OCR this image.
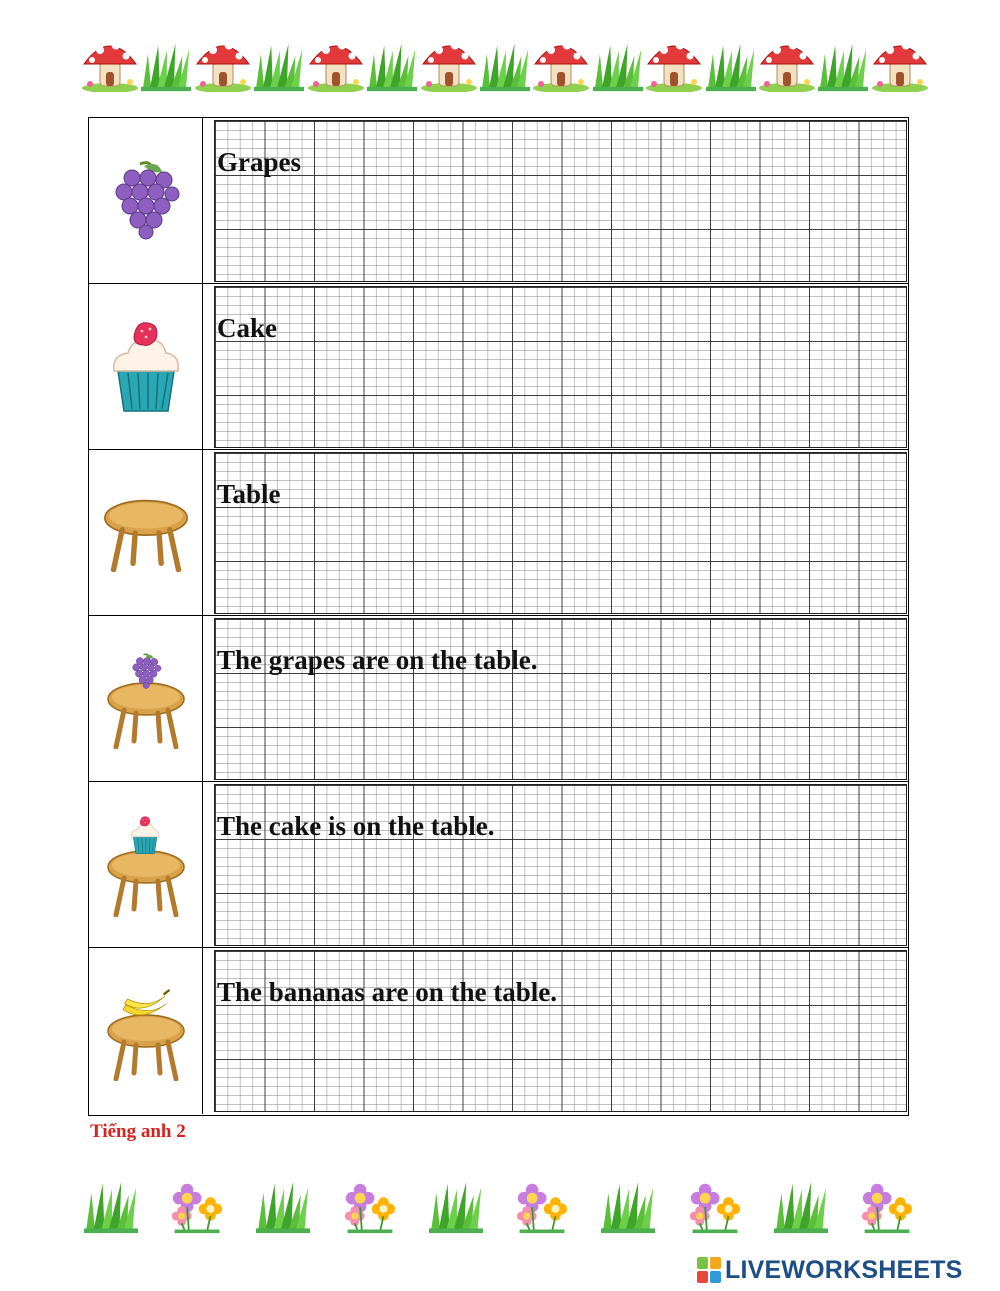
Grapes
Cake
Table
The grapes are on the table.
The cake is on the table.
The bananas are on the table.
Tiếng anh 2
LIVEWORKSHEETS
